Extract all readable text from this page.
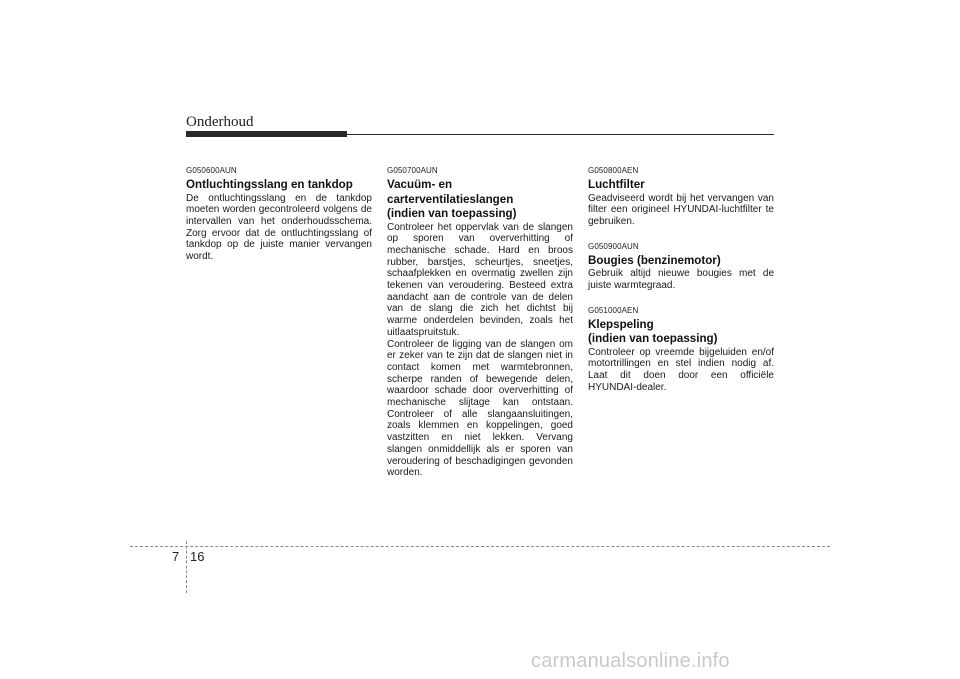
Onderhoud

G050600AUN

Ontluchtingsslang en tankdop

De ontluchtingsslang en de tankdop moeten worden gecontroleerd volgens de intervallen van het onderhoudsschema. Zorg ervoor dat de ontluchtingsslang of tankdop op de juiste manier vervangen wordt.

G050700AUN

Vacuüm- en

carterventilatieslangen

(indien van toepassing)

Controleer het oppervlak van de slangen op sporen van oververhitting of mechanische schade. Hard en broos rubber, barstjes, scheurtjes, sneetjes, schaafplekken en overmatig zwellen zijn tekenen van veroudering. Besteed extra aandacht aan de controle van de delen van de slang die zich het dichtst bij warme onderdelen bevinden, zoals het uitlaatspruitstuk.

Controleer de ligging van de slangen om er zeker van te zijn dat de slangen niet in contact komen met warmtebronnen, scherpe randen of bewegende delen, waardoor schade door oververhitting of mechanische slijtage kan ontstaan. Controleer of alle slangaansluitingen, zoals klemmen en koppelingen, goed vastzitten en niet lekken. Vervang slangen onmiddellijk als er sporen van veroudering of beschadigingen gevonden worden.

G050800AEN

Luchtfilter

Geadviseerd wordt bij het vervangen van filter een origineel HYUNDAI-luchtfilter te gebruiken.

G050900AUN

Bougies (benzinemotor)

Gebruik altijd nieuwe bougies met de juiste warmtegraad.

G051000AEN

Klepspeling

(indien van toepassing)

Controleer op vreemde bijgeluiden en/of motortrillingen en stel indien nodig af. Laat dit doen door een officiële HYUNDAI-dealer.

7 16
carmanualsonline.info
